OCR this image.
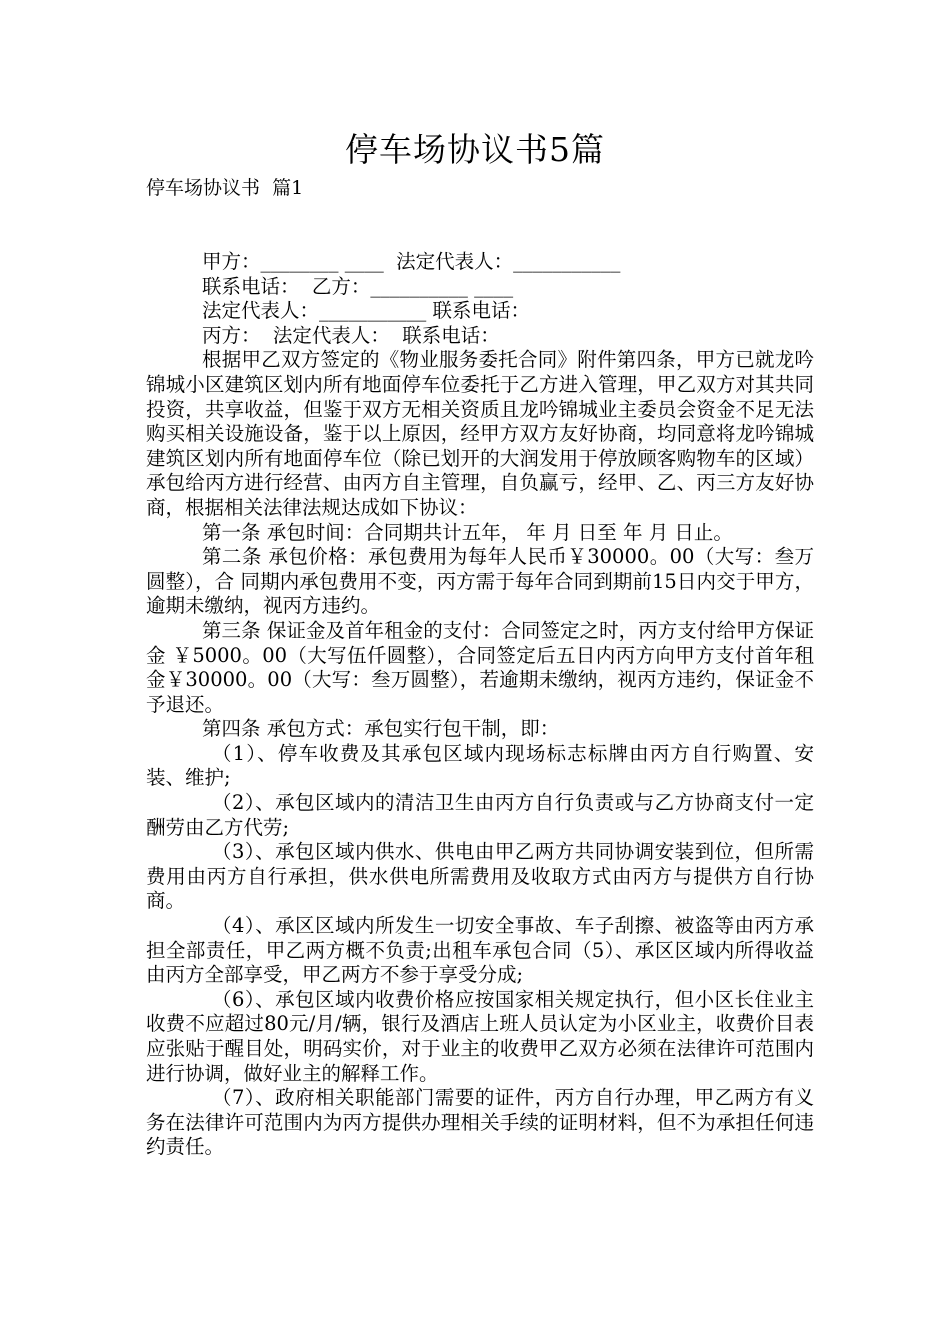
停车场协议书5篇
停车场协议书  篇1

甲方：________ ____  法定代表人：___________

联系电话：  乙方：__________ ____

法定代表人：___________ 联系电话：

丙方：  法定代表人：  联系电话：

根据甲乙双方签定的《物业服务委托合同》附件第四条，甲方已就龙吟锦城小区建筑区划内所有地面停车位委托于乙方进入管理，甲乙双方对其共同投资，共享收益，但鉴于双方无相关资质且龙吟锦城业主委员会资金不足无法购买相关设施设备，鉴于以上原因，经甲方双方友好协商，均同意将龙吟锦城建筑区划内所有地面停车位（除已划开的大润发用于停放顾客购物车的区域）承包给丙方进行经营、由丙方自主管理，自负赢亏，经甲、乙、丙三方友好协商，根据相关法律法规达成如下协议：

第一条 承包时间：合同期共计五年， 年 月 日至 年 月 日止。

第二条 承包价格：承包费用为每年人民币￥30000。00（大写：叁万圆整），合 同期内承包费用不变，丙方需于每年合同到期前15日内交于甲方，逾期未缴纳，视丙方违约。

第三条 保证金及首年租金的支付：合同签定之时，丙方支付给甲方保证金 ￥5000。00（大写伍仟圆整），合同签定后五日内丙方向甲方支付首年租金￥30000。00（大写：叁万圆整），若逾期未缴纳，视丙方违约，保证金不予退还。

第四条 承包方式：承包实行包干制，即：

（1）、停车收费及其承包区域内现场标志标牌由丙方自行购置、安装、维护;

（2）、承包区域内的清洁卫生由丙方自行负责或与乙方协商支付一定酬劳由乙方代劳;

（3）、承包区域内供水、供电由甲乙两方共同协调安装到位，但所需费用由丙方自行承担，供水供电所需费用及收取方式由丙方与提供方自行协商。

（4）、承区区域内所发生一切安全事故、车子刮擦、被盗等由丙方承担全部责任，甲乙两方概不负责;出租车承包合同（5）、承区区域内所得收益由丙方全部享受，甲乙两方不参于享受分成;

（6）、承包区域内收费价格应按国家相关规定执行，但小区长住业主收费不应超过80元/月/辆，银行及酒店上班人员认定为小区业主，收费价目表应张贴于醒目处，明码实价，对于业主的收费甲乙双方必须在法律许可范围内进行协调，做好业主的解释工作。

（7）、政府相关职能部门需要的证件，丙方自行办理，甲乙两方有义务在法律许可范围内为丙方提供办理相关手续的证明材料，但不为承担任何违约责任。
